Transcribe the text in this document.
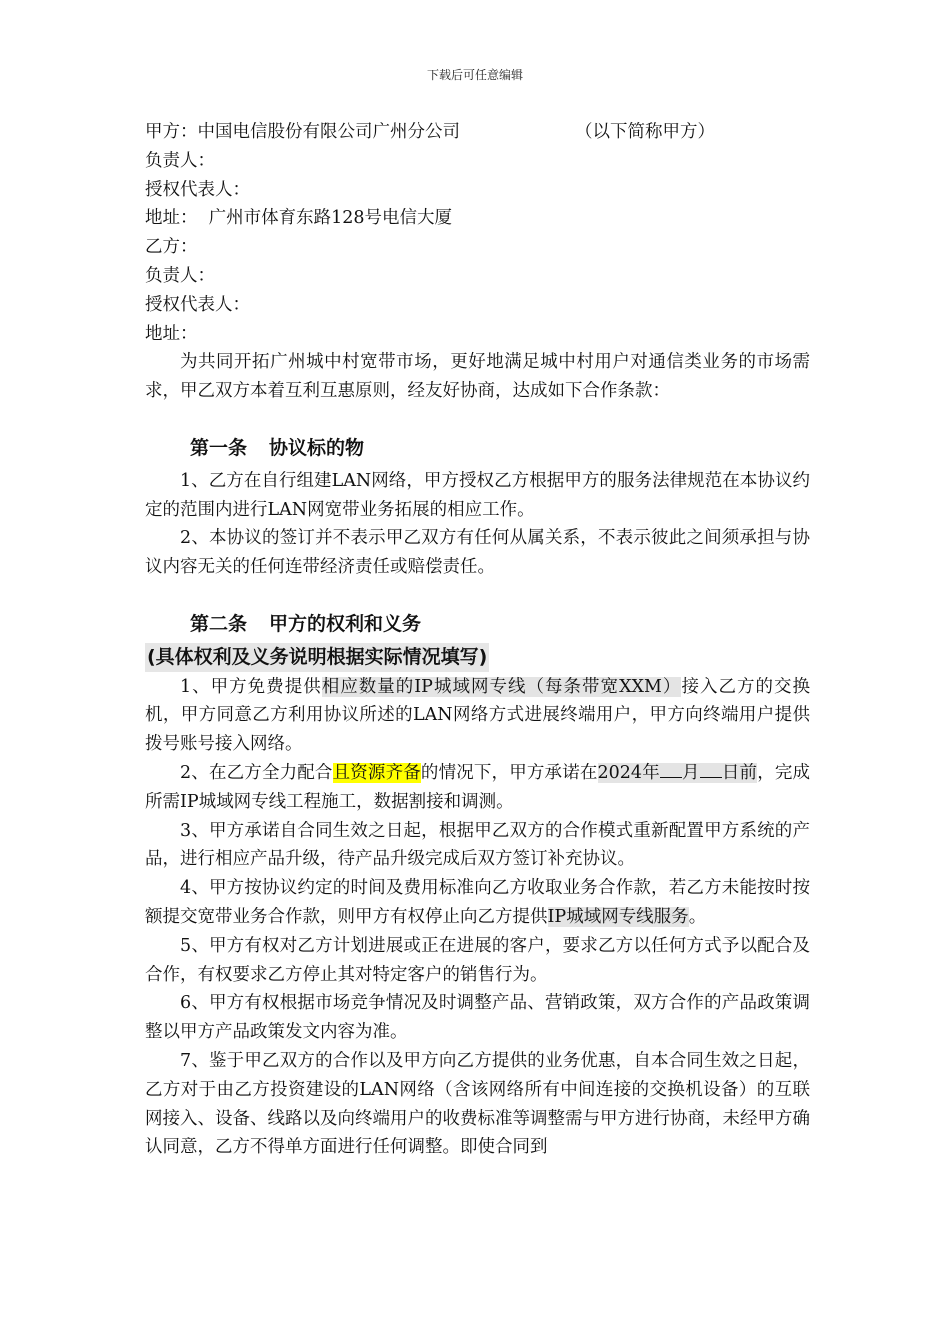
下载后可任意编辑
甲方：中国电信股份有限公司广州分公司	（以下简称甲方）
负责人：
授权代表人：
地址：  广州市体育东路128号电信大厦
乙方：
负责人：
授权代表人：
地址：
为共同开拓广州城中村宽带市场，更好地满足城中村用户对通信类业务的市场需求，甲乙双方本着互利互惠原则，经友好协商，达成如下合作条款：
第一条 协议标的物
1、乙方在自行组建LAN网络，甲方授权乙方根据甲方的服务法律规范在本协议约定的范围内进行LAN网宽带业务拓展的相应工作。
2、本协议的签订并不表示甲乙双方有任何从属关系，不表示彼此之间须承担与协议内容无关的任何连带经济责任或赔偿责任。
第二条 甲方的权利和义务
(具体权利及义务说明根据实际情况填写)
1、甲方免费提供相应数量的IP城域网专线（每条带宽XXM）接入乙方的交换机，甲方同意乙方利用协议所述的LAN网络方式进展终端用户，甲方向终端用户提供拨号账号接入网络。
2、在乙方全力配合且资源齐备的情况下，甲方承诺在2024年 月 日前，完成所需IP城域网专线工程施工，数据割接和调测。
3、甲方承诺自合同生效之日起，根据甲乙双方的合作模式重新配置甲方系统的产品，进行相应产品升级，待产品升级完成后双方签订补充协议。
4、甲方按协议约定的时间及费用标准向乙方收取业务合作款，若乙方未能按时按额提交宽带业务合作款，则甲方有权停止向乙方提供IP城域网专线服务。
5、甲方有权对乙方计划进展或正在进展的客户，要求乙方以任何方式予以配合及合作，有权要求乙方停止其对特定客户的销售行为。
6、甲方有权根据市场竞争情况及时调整产品、营销政策，双方合作的产品政策调整以甲方产品政策发文内容为准。
7、鉴于甲乙双方的合作以及甲方向乙方提供的业务优惠，自本合同生效之日起，乙方对于由乙方投资建设的LAN网络（含该网络所有中间连接的交换机设备）的互联网接入、设备、线路以及向终端用户的收费标准等调整需与甲方进行协商，未经甲方确认同意，乙方不得单方面进行任何调整。即使合同到
